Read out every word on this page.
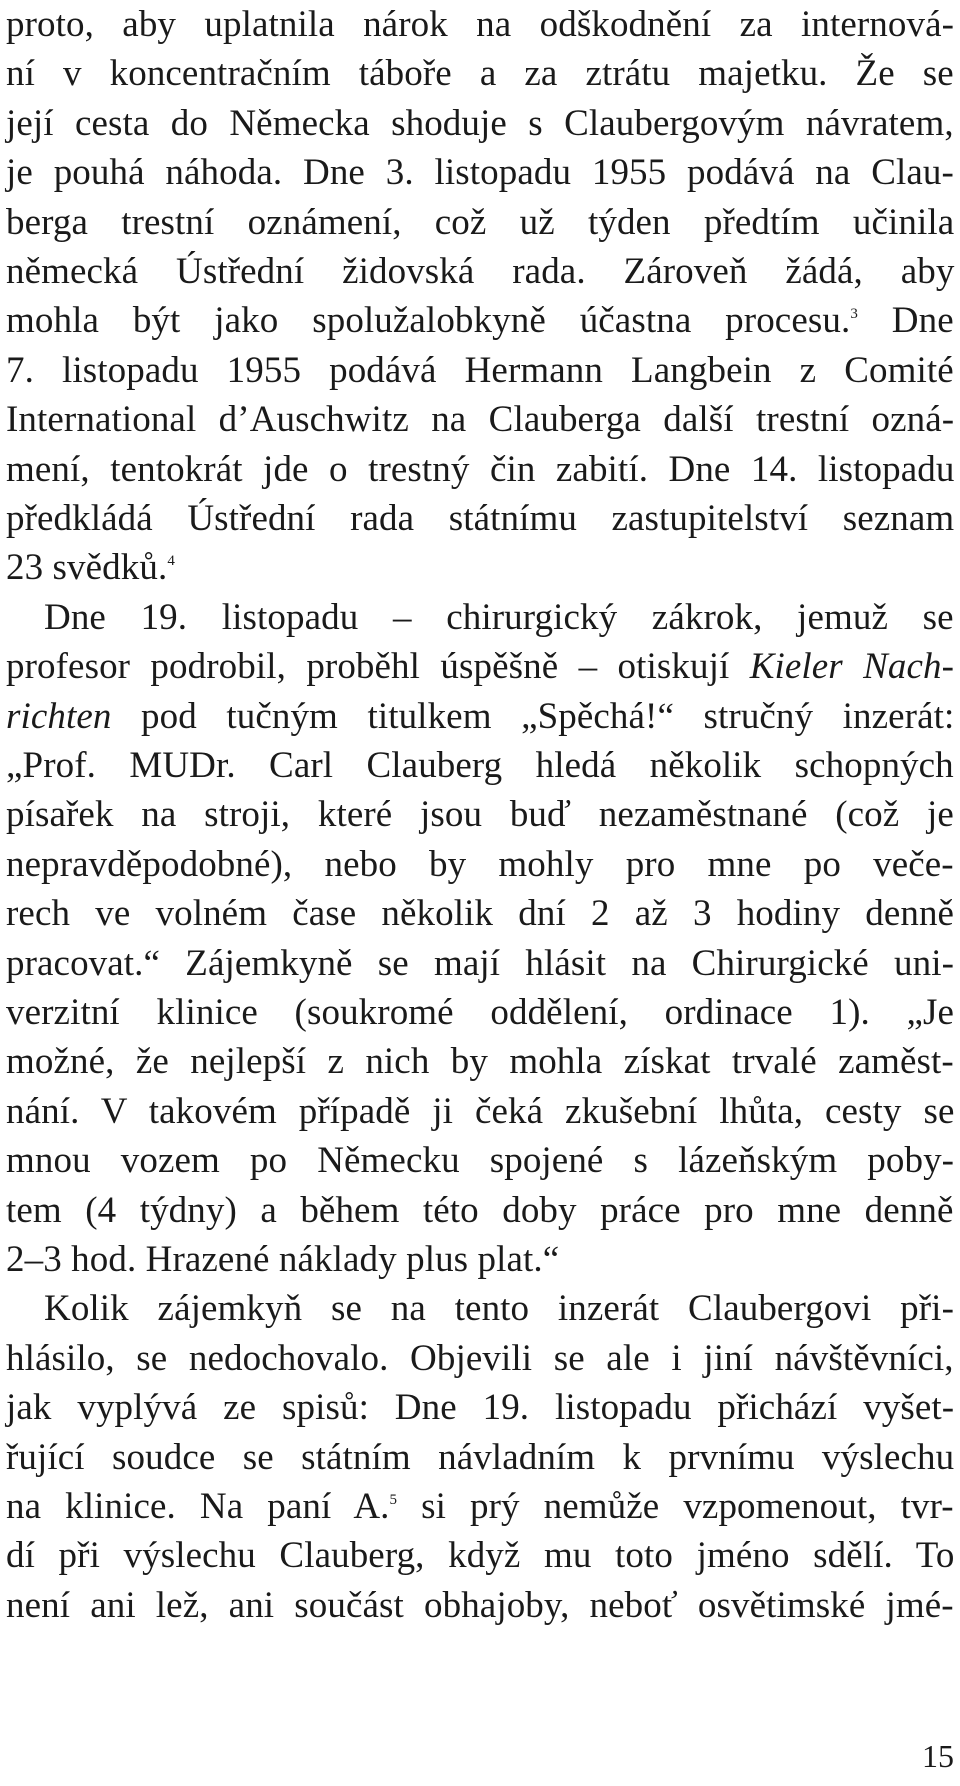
proto, aby uplatnila nárok na odškodnění za internová-
ní v koncentračním táboře a za ztrátu majetku. Že se
její cesta do Německa shoduje s Claubergovým návratem,
je pouhá náhoda. Dne 3. listopadu 1955 podává na Clau-
berga trestní oznámení, což už týden předtím učinila
německá Ústřední židovská rada. Zároveň žádá, aby
mohla být jako spolužalobkyně účastna procesu.$^3$ Dne
7. listopadu 1955 podává Hermann Langbein z Comité
International d’Auschwitz na Clauberga další trestní ozná-
mení, tentokrát jde o trestný čin zabití. Dne 14. listopadu
předkládá Ústřední rada státnímu zastupitelství seznam
23 svědků.$^4$
Dne 19. listopadu – chirurgický zákrok, jemuž se
profesor podrobil, proběhl úspěšně – otiskují Kieler Nach-
richten pod tučným titulkem „Spěchá!“ stručný inzerát:
„Prof. MUDr. Carl Clauberg hledá několik schopných
písařek na stroji, které jsou buď nezaměstnané (což je
nepravděpodobné), nebo by mohly pro mne po veče-
rech ve volném čase několik dní 2 až 3 hodiny denně
pracovat.“ Zájemkyně se mají hlásit na Chirurgické uni-
verzitní klinice (soukromé oddělení, ordinace 1). „Je
možné, že nejlepší z nich by mohla získat trvalé zaměst-
nání. V takovém případě ji čeká zkušební lhůta, cesty se
mnou vozem po Německu spojené s lázeňským poby-
tem (4 týdny) a během této doby práce pro mne denně
2–3 hod. Hrazené náklady plus plat.“
Kolik zájemkyň se na tento inzerát Claubergovi při-
hlásilo, se nedochovalo. Objevili se ale i jiní návštěvníci,
jak vyplývá ze spisů: Dne 19. listopadu přichází vyšet-
řující soudce se státním návladním k prvnímu výslechu
na klinice. Na paní A.$^5$ si prý nemůže vzpomenout, tvr-
dí při výslechu Clauberg, když mu toto jméno sdělí. To
není ani lež, ani součást obhajoby, neboť osvětimské jmé-
15
